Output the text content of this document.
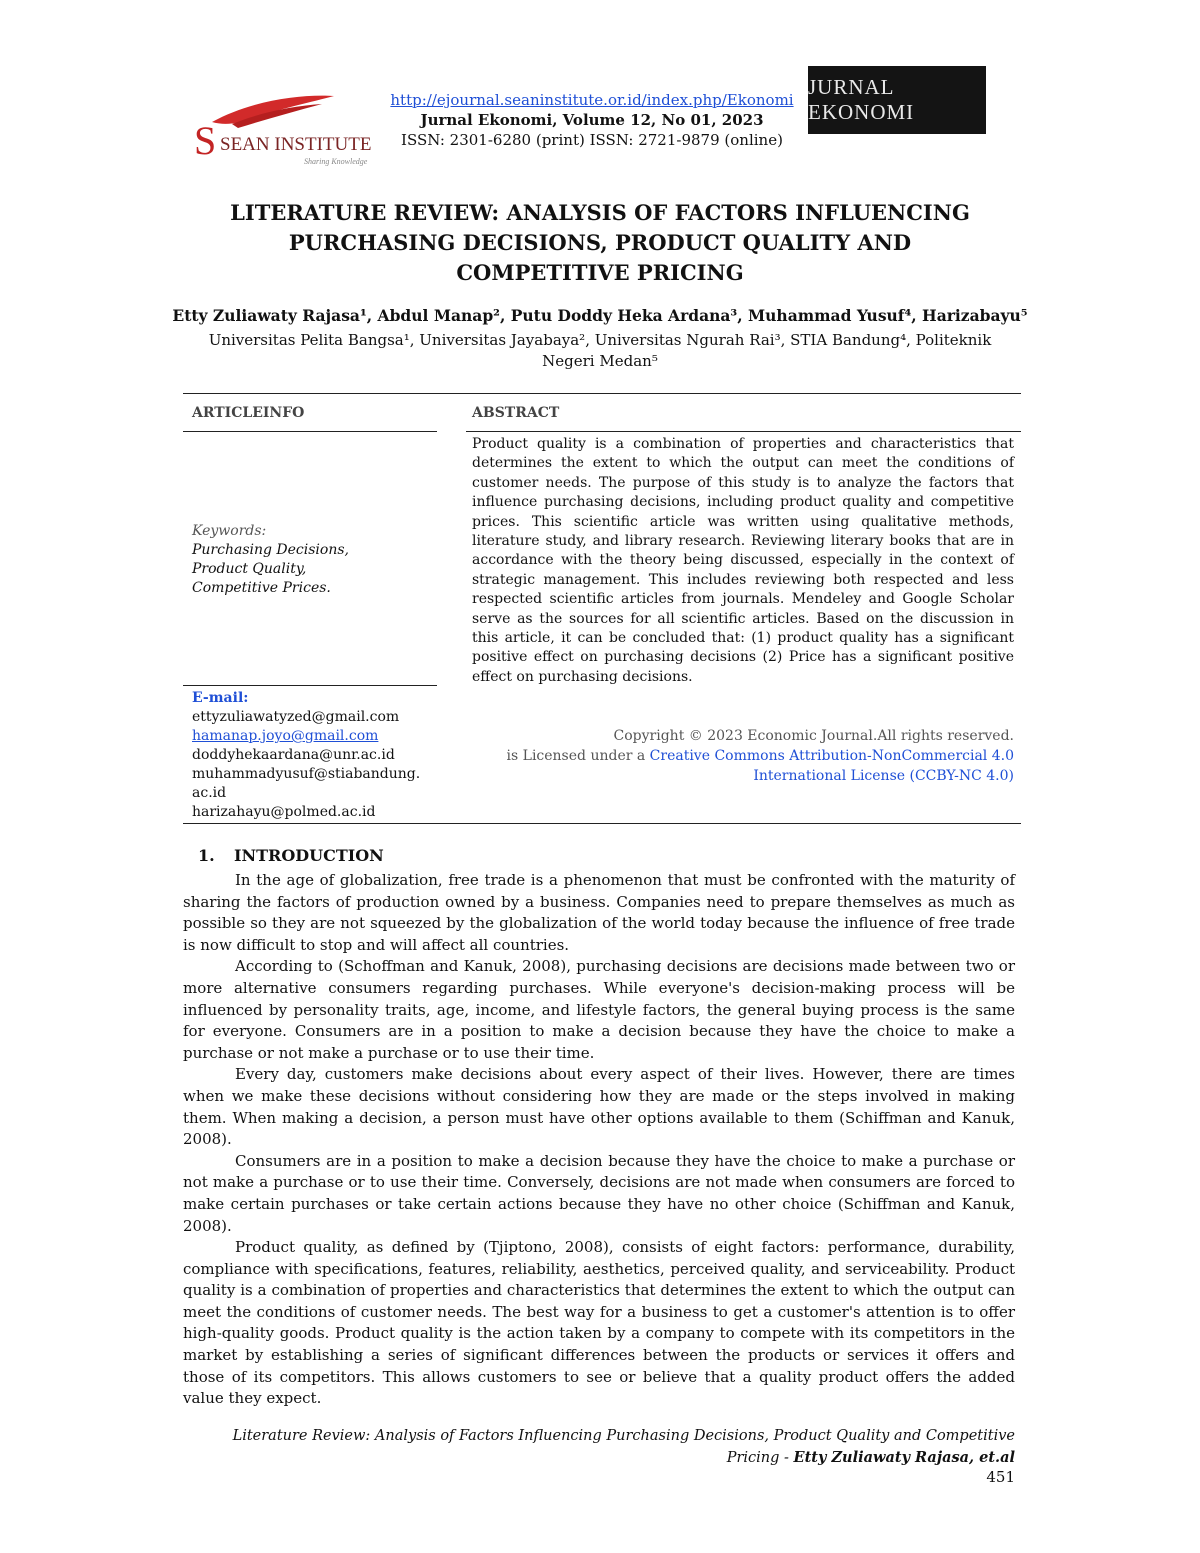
S SEAN INSTITUTE
Sharing Knowledge
http://ejournal.seaninstitute.or.id/index.php/Ekonomi
Jurnal Ekonomi, Volume 12, No 01, 2023
ISSN: 2301-6280 (print) ISSN: 2721-9879 (online)
JURNAL EKONOMI
LITERATURE REVIEW: ANALYSIS OF FACTORS INFLUENCING PURCHASING DECISIONS, PRODUCT QUALITY AND COMPETITIVE PRICING
Etty Zuliawaty Rajasa¹, Abdul Manap², Putu Doddy Heka Ardana³, Muhammad Yusuf⁴, Harizabayu⁵
Universitas Pelita Bangsa¹, Universitas Jayabaya², Universitas Ngurah Rai³, STIA Bandung⁴, Politeknik Negeri Medan⁵
ARTICLEINFO	ABSTRACT
Keywords:
Purchasing Decisions,
Product Quality,
Competitive Prices.
E-mail:
ettyzuliawatyzed@gmail.com
hamanap.joyo@gmail.com
doddyhekaardana@unr.ac.id
muhammadyusuf@stiabandung.
ac.id
harizahayu@polmed.ac.id
Product quality is a combination of properties and characteristics that determines the extent to which the output can meet the conditions of customer needs. The purpose of this study is to analyze the factors that influence purchasing decisions, including product quality and competitive prices. This scientific article was written using qualitative methods, literature study, and library research. Reviewing literary books that are in accordance with the theory being discussed, especially in the context of strategic management. This includes reviewing both respected and less respected scientific articles from journals. Mendeley and Google Scholar serve as the sources for all scientific articles. Based on the discussion in this article, it can be concluded that: (1) product quality has a significant positive effect on purchasing decisions (2) Price has a significant positive effect on purchasing decisions.
Copyright © 2023 Economic Journal.All rights reserved.
is Licensed under a Creative Commons Attribution-NonCommercial 4.0 International License (CCBY-NC 4.0)
1. INTRODUCTION

In the age of globalization, free trade is a phenomenon that must be confronted with the maturity of sharing the factors of production owned by a business. Companies need to prepare themselves as much as possible so they are not squeezed by the globalization of the world today because the influence of free trade is now difficult to stop and will affect all countries.

According to (Schoffman and Kanuk, 2008), purchasing decisions are decisions made between two or more alternative consumers regarding purchases. While everyone's decision-making process will be influenced by personality traits, age, income, and lifestyle factors, the general buying process is the same for everyone. Consumers are in a position to make a decision because they have the choice to make a purchase or not make a purchase or to use their time.

Every day, customers make decisions about every aspect of their lives. However, there are times when we make these decisions without considering how they are made or the steps involved in making them. When making a decision, a person must have other options available to them (Schiffman and Kanuk, 2008).

Consumers are in a position to make a decision because they have the choice to make a purchase or not make a purchase or to use their time. Conversely, decisions are not made when consumers are forced to make certain purchases or take certain actions because they have no other choice (Schiffman and Kanuk, 2008).

Product quality, as defined by (Tjiptono, 2008), consists of eight factors: performance, durability, compliance with specifications, features, reliability, aesthetics, perceived quality, and serviceability. Product quality is a combination of properties and characteristics that determines the extent to which the output can meet the conditions of customer needs. The best way for a business to get a customer's attention is to offer high-quality goods. Product quality is the action taken by a company to compete with its competitors in the market by establishing a series of significant differences between the products or services it offers and those of its competitors. This allows customers to see or believe that a quality product offers the added value they expect.

Literature Review: Analysis of Factors Influencing Purchasing Decisions, Product Quality and Competitive Pricing - Etty Zuliawaty Rajasa, et.al
451
